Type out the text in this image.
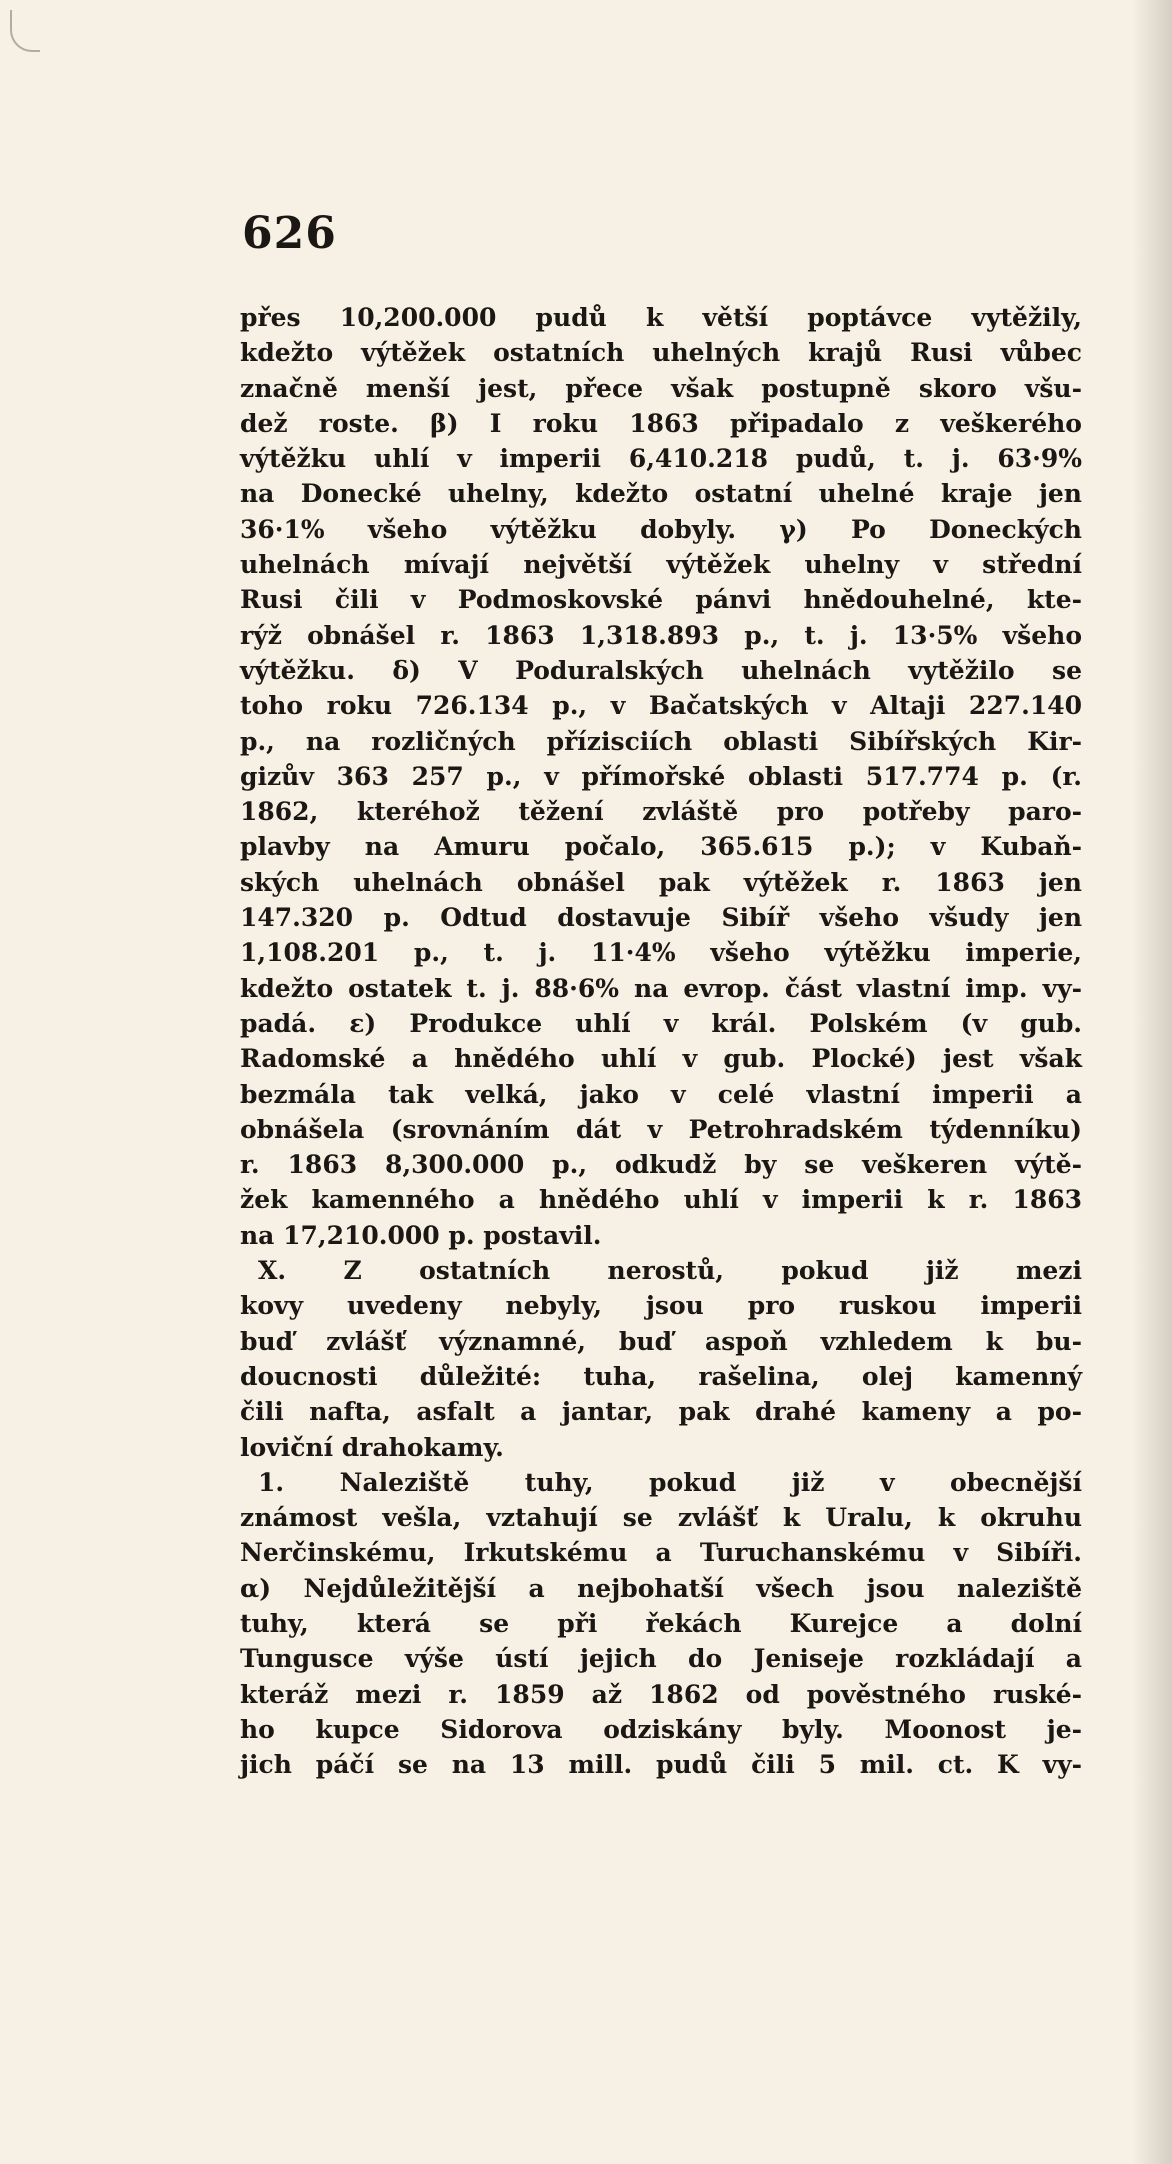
626
přes 10,200.000 pudů k větší poptávce vytěžily,
kdežto výtěžek ostatních uhelných krajů Rusi vůbec
značně menší jest, přece však postupně skoro všu-
dež roste. β) I roku 1863 připadalo z veškerého
výtěžku uhlí v imperii 6,410.218 pudů, t. j. 63·9%
na Donecké uhelny, kdežto ostatní uhelné kraje jen
36·1% všeho výtěžku dobyly. γ) Po Doneckých
uhelnách mívají největší výtěžek uhelny v střední
Rusi čili v Podmoskovské pánvi hnědouhelné, kte-
rýž obnášel r. 1863 1,318.893 p., t. j. 13·5% všeho
výtěžku. δ) V Poduralských uhelnách vytěžilo se
toho roku 726.134 p., v Bačatských v Altaji 227.140
p., na rozličných přízisciích oblasti Sibířských Kir-
gizův 363 257 p., v přímořské oblasti 517.774 p. (r.
1862, kteréhož těžení zvláště pro potřeby paro-
plavby na Amuru počalo, 365.615 p.); v Kubaň-
ských uhelnách obnášel pak výtěžek r. 1863 jen
147.320 p. Odtud dostavuje Sibíř všeho všudy jen
1,108.201 p., t. j. 11·4% všeho výtěžku imperie,
kdežto ostatek t. j. 88·6% na evrop. část vlastní imp. vy-
padá. ε) Produkce uhlí v král. Polském (v gub.
Radomské a hnědého uhlí v gub. Plocké) jest však
bezmála tak velká, jako v celé vlastní imperii a
obnášela (srovnáním dát v Petrohradském týdenníku)
r. 1863 8,300.000 p., odkudž by se veškeren výtě-
žek kamenného a hnědého uhlí v imperii k r. 1863
na 17,210.000 p. postavil.
X. Z ostatních nerostů, pokud již mezi
kovy uvedeny nebyly, jsou pro ruskou imperii
buď zvlášť významné, buď aspoň vzhledem k bu-
doucnosti důležité: tuha, rašelina, olej kamenný
čili nafta, asfalt a jantar, pak drahé kameny a po-
loviční drahokamy.
1. Naleziště tuhy, pokud již v obecnější
známost vešla, vztahují se zvlášť k Uralu, k okruhu
Nerčinskému, Irkutskému a Turuchanskému v Sibíři.
α) Nejdůležitější a nejbohatší všech jsou naleziště
tuhy, která se při řekách Kurejce a dolní
Tungusce výše ústí jejich do Jeniseje rozkládají a
kteráž mezi r. 1859 až 1862 od pověstného ruské-
ho kupce Sidorova odziskány byly. Moonost je-
jich páčí se na 13 mill. pudů čili 5 mil. ct. K vy-
